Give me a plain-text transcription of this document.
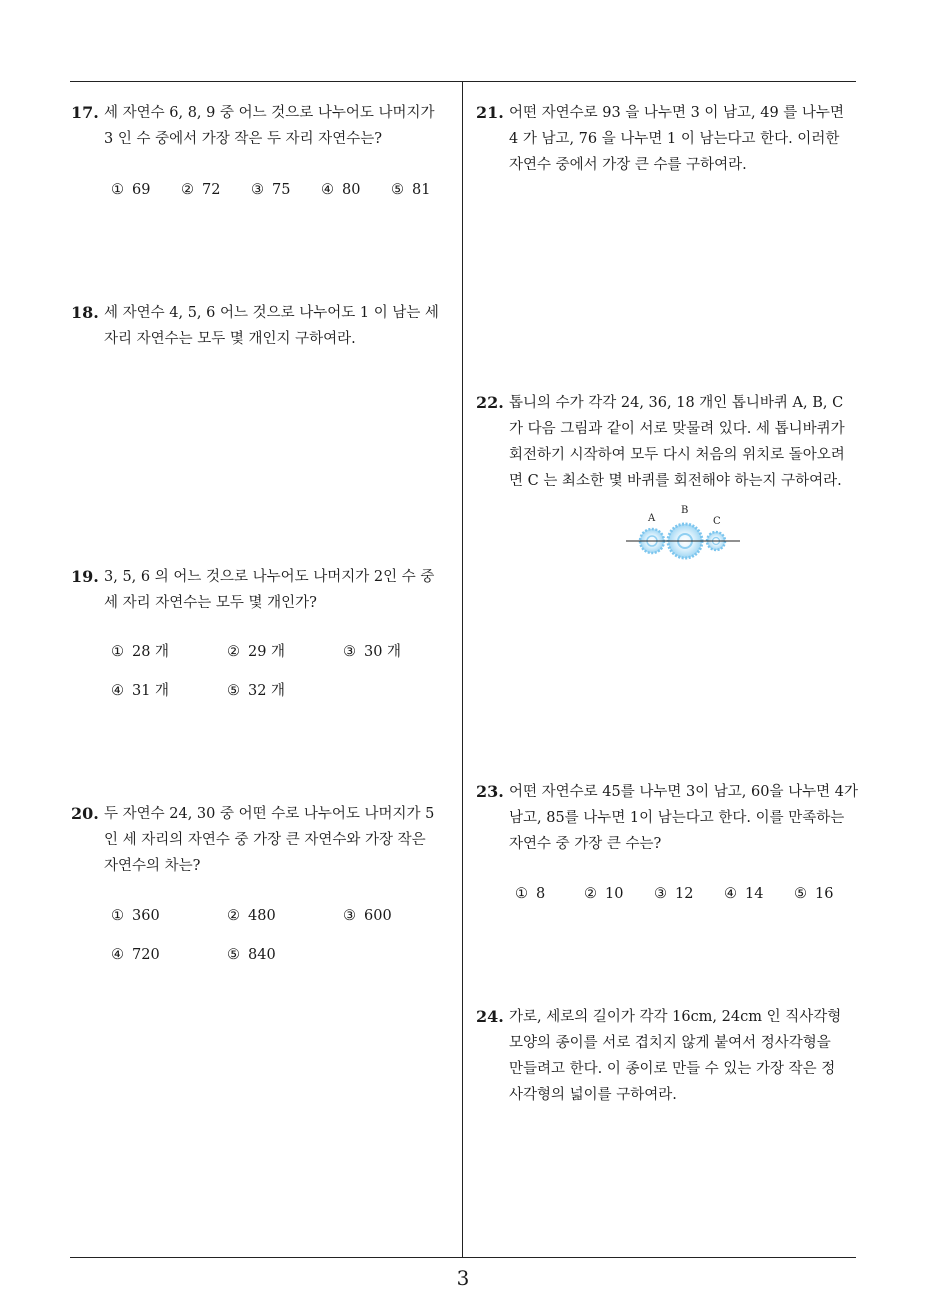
17. 세 자연수 6, 8, 9 중 어느 것으로 나누어도 나머지가
3 인 수 중에서 가장 작은 두 자리 자연수는?
① 69 ② 72 ③ 75 ④ 80 ⑤ 81
18. 세 자연수 4, 5, 6 어느 것으로 나누어도 1 이 남는 세
자리 자연수는 모두 몇 개인지 구하여라.
19. 3, 5, 6 의 어느 것으로 나누어도 나머지가 2인 수 중
세 자리 자연수는 모두 몇 개인가?
① 28 개	② 29 개	③ 30 개
④ 31 개	⑤ 32 개
20. 두 자연수 24, 30 중 어떤 수로 나누어도 나머지가 5
인 세 자리의 자연수 중 가장 큰 자연수와 가장 작은
자연수의 차는?
① 360	② 480	③ 600
④ 720	⑤ 840
21. 어떤 자연수로 93 을 나누면 3 이 남고, 49 를 나누면
4 가 남고, 76 을 나누면 1 이 남는다고 한다. 이러한
자연수 중에서 가장 큰 수를 구하여라.
22. 톱니의 수가 각각 24, 36, 18 개인 톱니바퀴 A, B, C
가 다음 그림과 같이 서로 맞물려 있다. 세 톱니바퀴가
회전하기 시작하여 모두 다시 처음의 위치로 돌아오려
면 C 는 최소한 몇 바퀴를 회전해야 하는지 구하여라.
A
B
C
23. 어떤 자연수로 45를 나누면 3이 남고, 60을 나누면 4가
남고, 85를 나누면 1이 남는다고 한다. 이를 만족하는
자연수 중 가장 큰 수는?
① 8	② 10 ③ 12 ④ 14 ⑤ 16
24. 가로, 세로의 길이가 각각 16cm, 24cm 인 직사각형
모양의 종이를 서로 겹치지 않게 붙여서 정사각형을
만들려고 한다. 이 종이로 만들 수 있는 가장 작은 정
사각형의 넓이를 구하여라.
3
